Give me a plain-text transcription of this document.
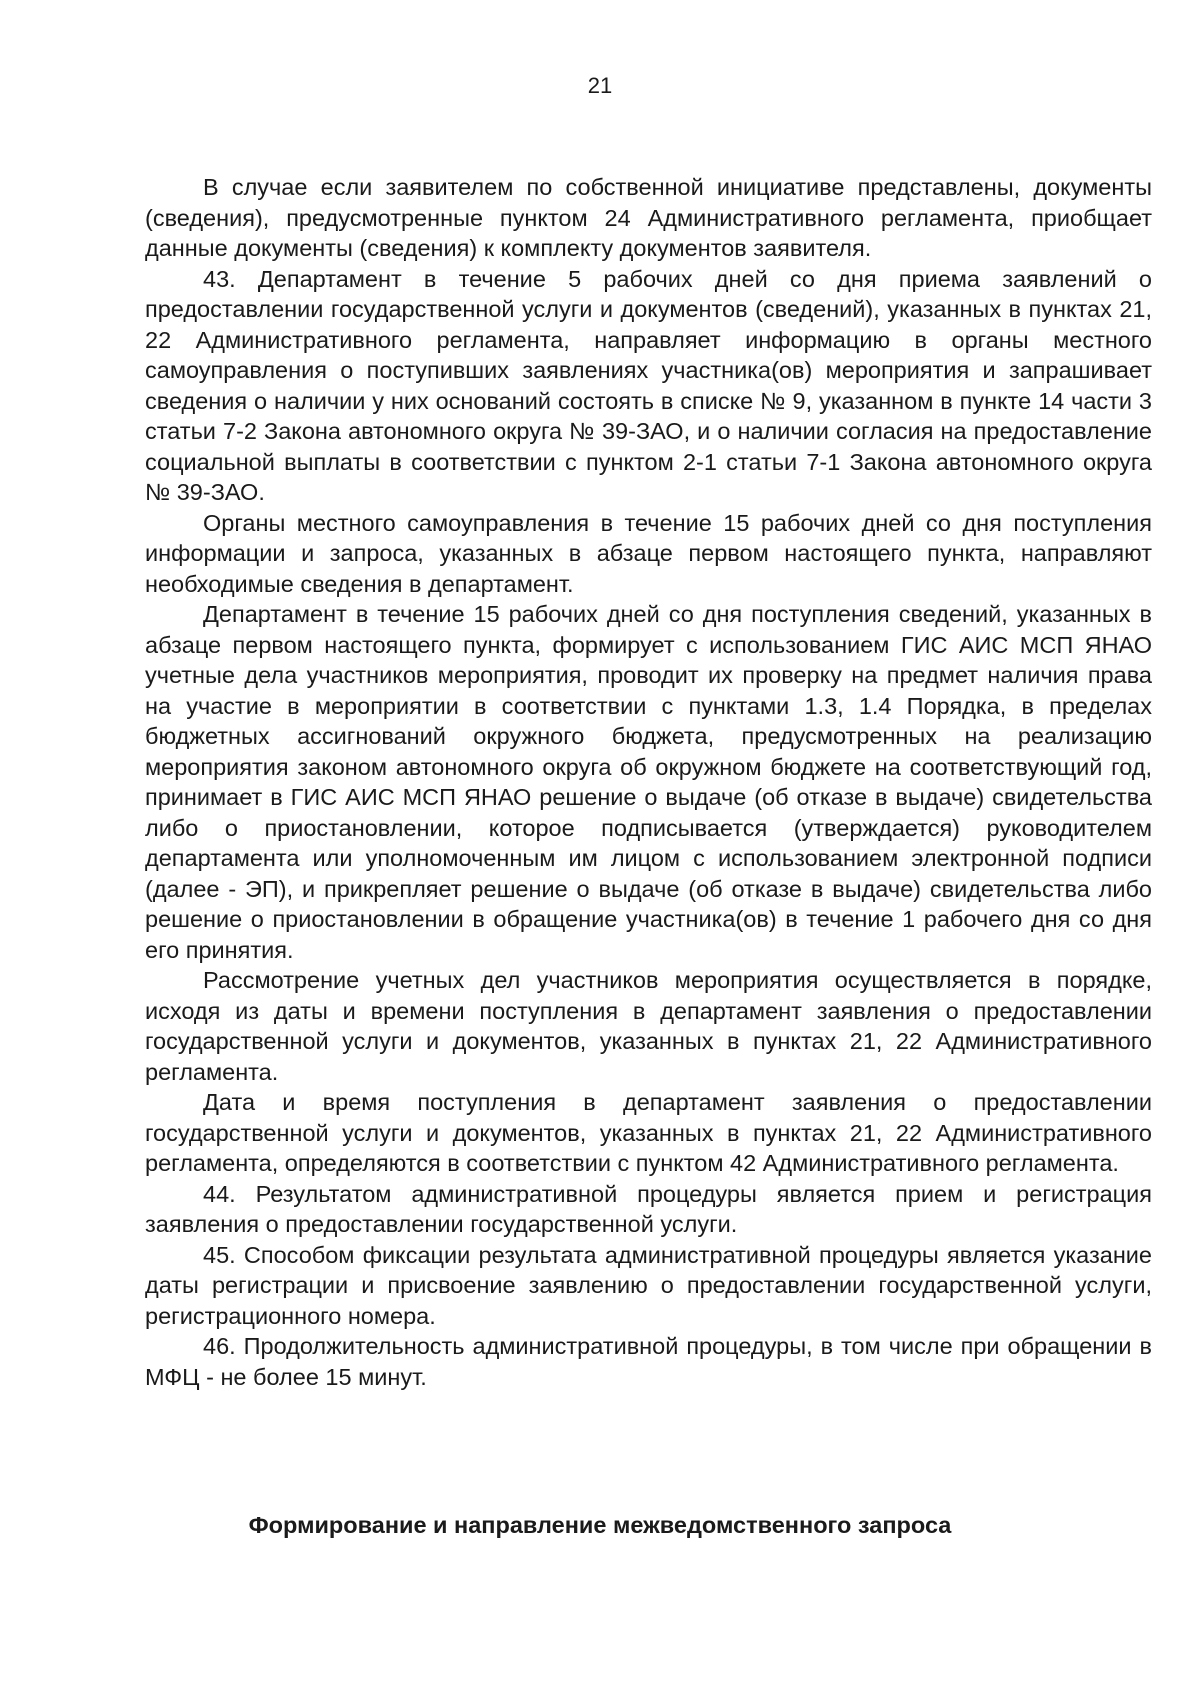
21

В случае если заявителем по собственной инициативе представлены, документы (сведения), предусмотренные пунктом 24 Административного регламента, приобщает данные документы (сведения) к комплекту документов заявителя.

43. Департамент в течение 5 рабочих дней со дня приема заявлений о предоставлении государственной услуги и документов (сведений), указанных в пунктах 21, 22 Административного регламента, направляет информацию в органы местного самоуправления о поступивших заявлениях участника(ов) мероприятия и запрашивает сведения о наличии у них оснований состоять в списке № 9, указанном в пункте 14 части 3 статьи 7-2 Закона автономного округа № 39-ЗАО, и о наличии согласия на предоставление социальной выплаты в соответствии с пунктом 2-1 статьи 7-1 Закона автономного округа № 39-ЗАО.

Органы местного самоуправления в течение 15 рабочих дней со дня поступления информации и запроса, указанных в абзаце первом настоящего пункта, направляют необходимые сведения в департамент.

Департамент в течение 15 рабочих дней со дня поступления сведений, указанных в абзаце первом настоящего пункта, формирует с использованием ГИС АИС МСП ЯНАО учетные дела участников мероприятия, проводит их проверку на предмет наличия права на участие в мероприятии в соответствии с пунктами 1.3, 1.4 Порядка, в пределах бюджетных ассигнований окружного бюджета, предусмотренных на реализацию мероприятия законом автономного округа об окружном бюджете на соответствующий год, принимает в ГИС АИС МСП ЯНАО решение о выдаче (об отказе в выдаче) свидетельства либо о приостановлении, которое подписывается (утверждается) руководителем департамента или уполномоченным им лицом с использованием электронной подписи (далее - ЭП), и прикрепляет решение о выдаче (об отказе в выдаче) свидетельства либо решение о приостановлении в обращение участника(ов) в течение 1 рабочего дня со дня его принятия.

Рассмотрение учетных дел участников мероприятия осуществляется в порядке, исходя из даты и времени поступления в департамент заявления о предоставлении государственной услуги и документов, указанных в пунктах 21, 22 Административного регламента.

Дата и время поступления в департамент заявления о предоставлении государственной услуги и документов, указанных в пунктах 21, 22 Административного регламента, определяются в соответствии с пунктом 42 Административного регламента.

44. Результатом административной процедуры является прием и регистрация заявления о предоставлении государственной услуги.

45. Способом фиксации результата административной процедуры является указание даты регистрации и присвоение заявлению о предоставлении государственной услуги, регистрационного номера.

46. Продолжительность административной процедуры, в том числе при обращении в МФЦ - не более 15 минут.

Формирование и направление межведомственного запроса
